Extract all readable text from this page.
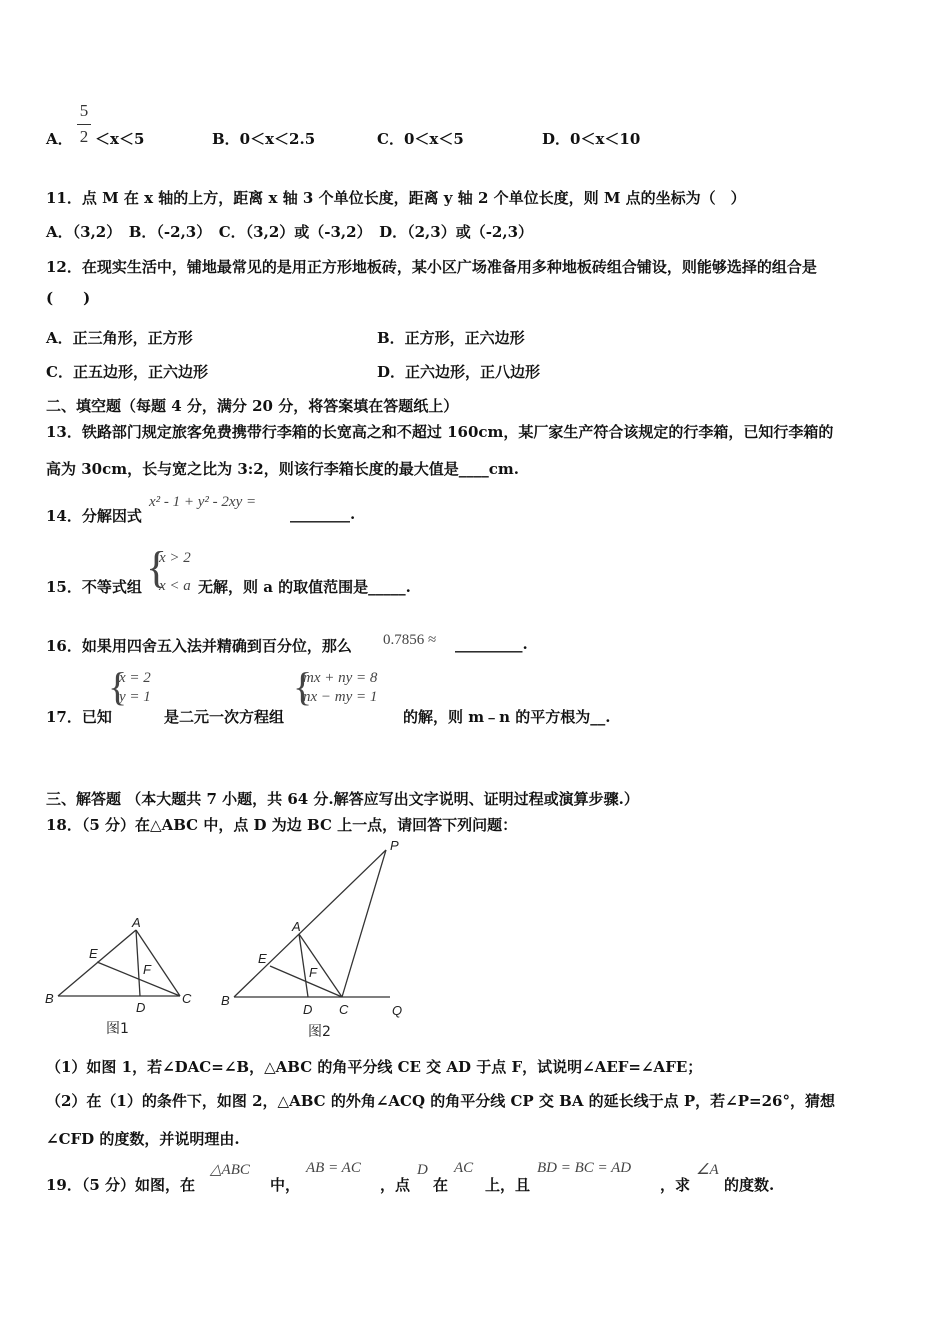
A．
5
2 ＜x＜5	B．0＜x＜2.5	C．0＜x＜5	D．0＜x＜10
11．点 M 在 x 轴的上方，距离 x 轴 3 个单位长度，距离 y 轴 2 个单位长度，则 M 点的坐标为（　）
A．（3,2）　B．（-2,3）　C．（3,2）或（-3,2）　D．（2,3）或（-2,3）
12．在现实生活中，铺地最常见的是用正方形地板砖，某小区广场准备用多种地板砖组合铺设，则能够选择的组合是
(　　)
A．正三角形，正方形	B．正方形，正六边形
C．正五边形，正六边形	D．正六边形，正八边形
二、填空题（每题 4 分，满分 20 分，将答案填在答题纸上）
13．铁路部门规定旅客免费携带行李箱的长宽高之和不超过 160cm，某厂家生产符合该规定的行李箱，已知行李箱的
高为 30cm，长与宽之比为 3:2，则该行李箱长度的最大值是____cm.
14．分解因式
x² - 1 + y² - 2xy =
________.
15．不等式组 {
x > 2
x < a 无解，则 a 的取值范围是_____.
16．如果用四舍五入法并精确到百分位，那么 0.7856 ≈ _________.
17．已知
{
x = 2
y = 1
是二元一次方程组
{
mx + ny = 8
nx − my = 1
的解，则 m﹣n 的平方根为__.
三、解答题 （本大题共 7 小题，共 64 分.解答应写出文字说明、证明过程或演算步骤.）
18．（5 分）在△ABC 中，点 D 为边 BC 上一点，请回答下列问题：
A
B	C
D
E
F
图1
P
A
B
C
D
E
F
Q
图2
（1）如图 1，若∠DAC=∠B，△ABC 的角平分线 CE 交 AD 于点 F，试说明∠AEF=∠AFE；
（2）在（1）的条件下，如图 2，△ABC 的外角∠ACQ 的角平分线 CP 交 BA 的延长线于点 P，若∠P=26°，猜想
∠CFD 的度数，并说明理由.
19．（5 分）如图，在
△ABC
中，
AB = AC
，点
D
在
AC
上，且
BD = BC = AD
，求
∠A
的度数.
